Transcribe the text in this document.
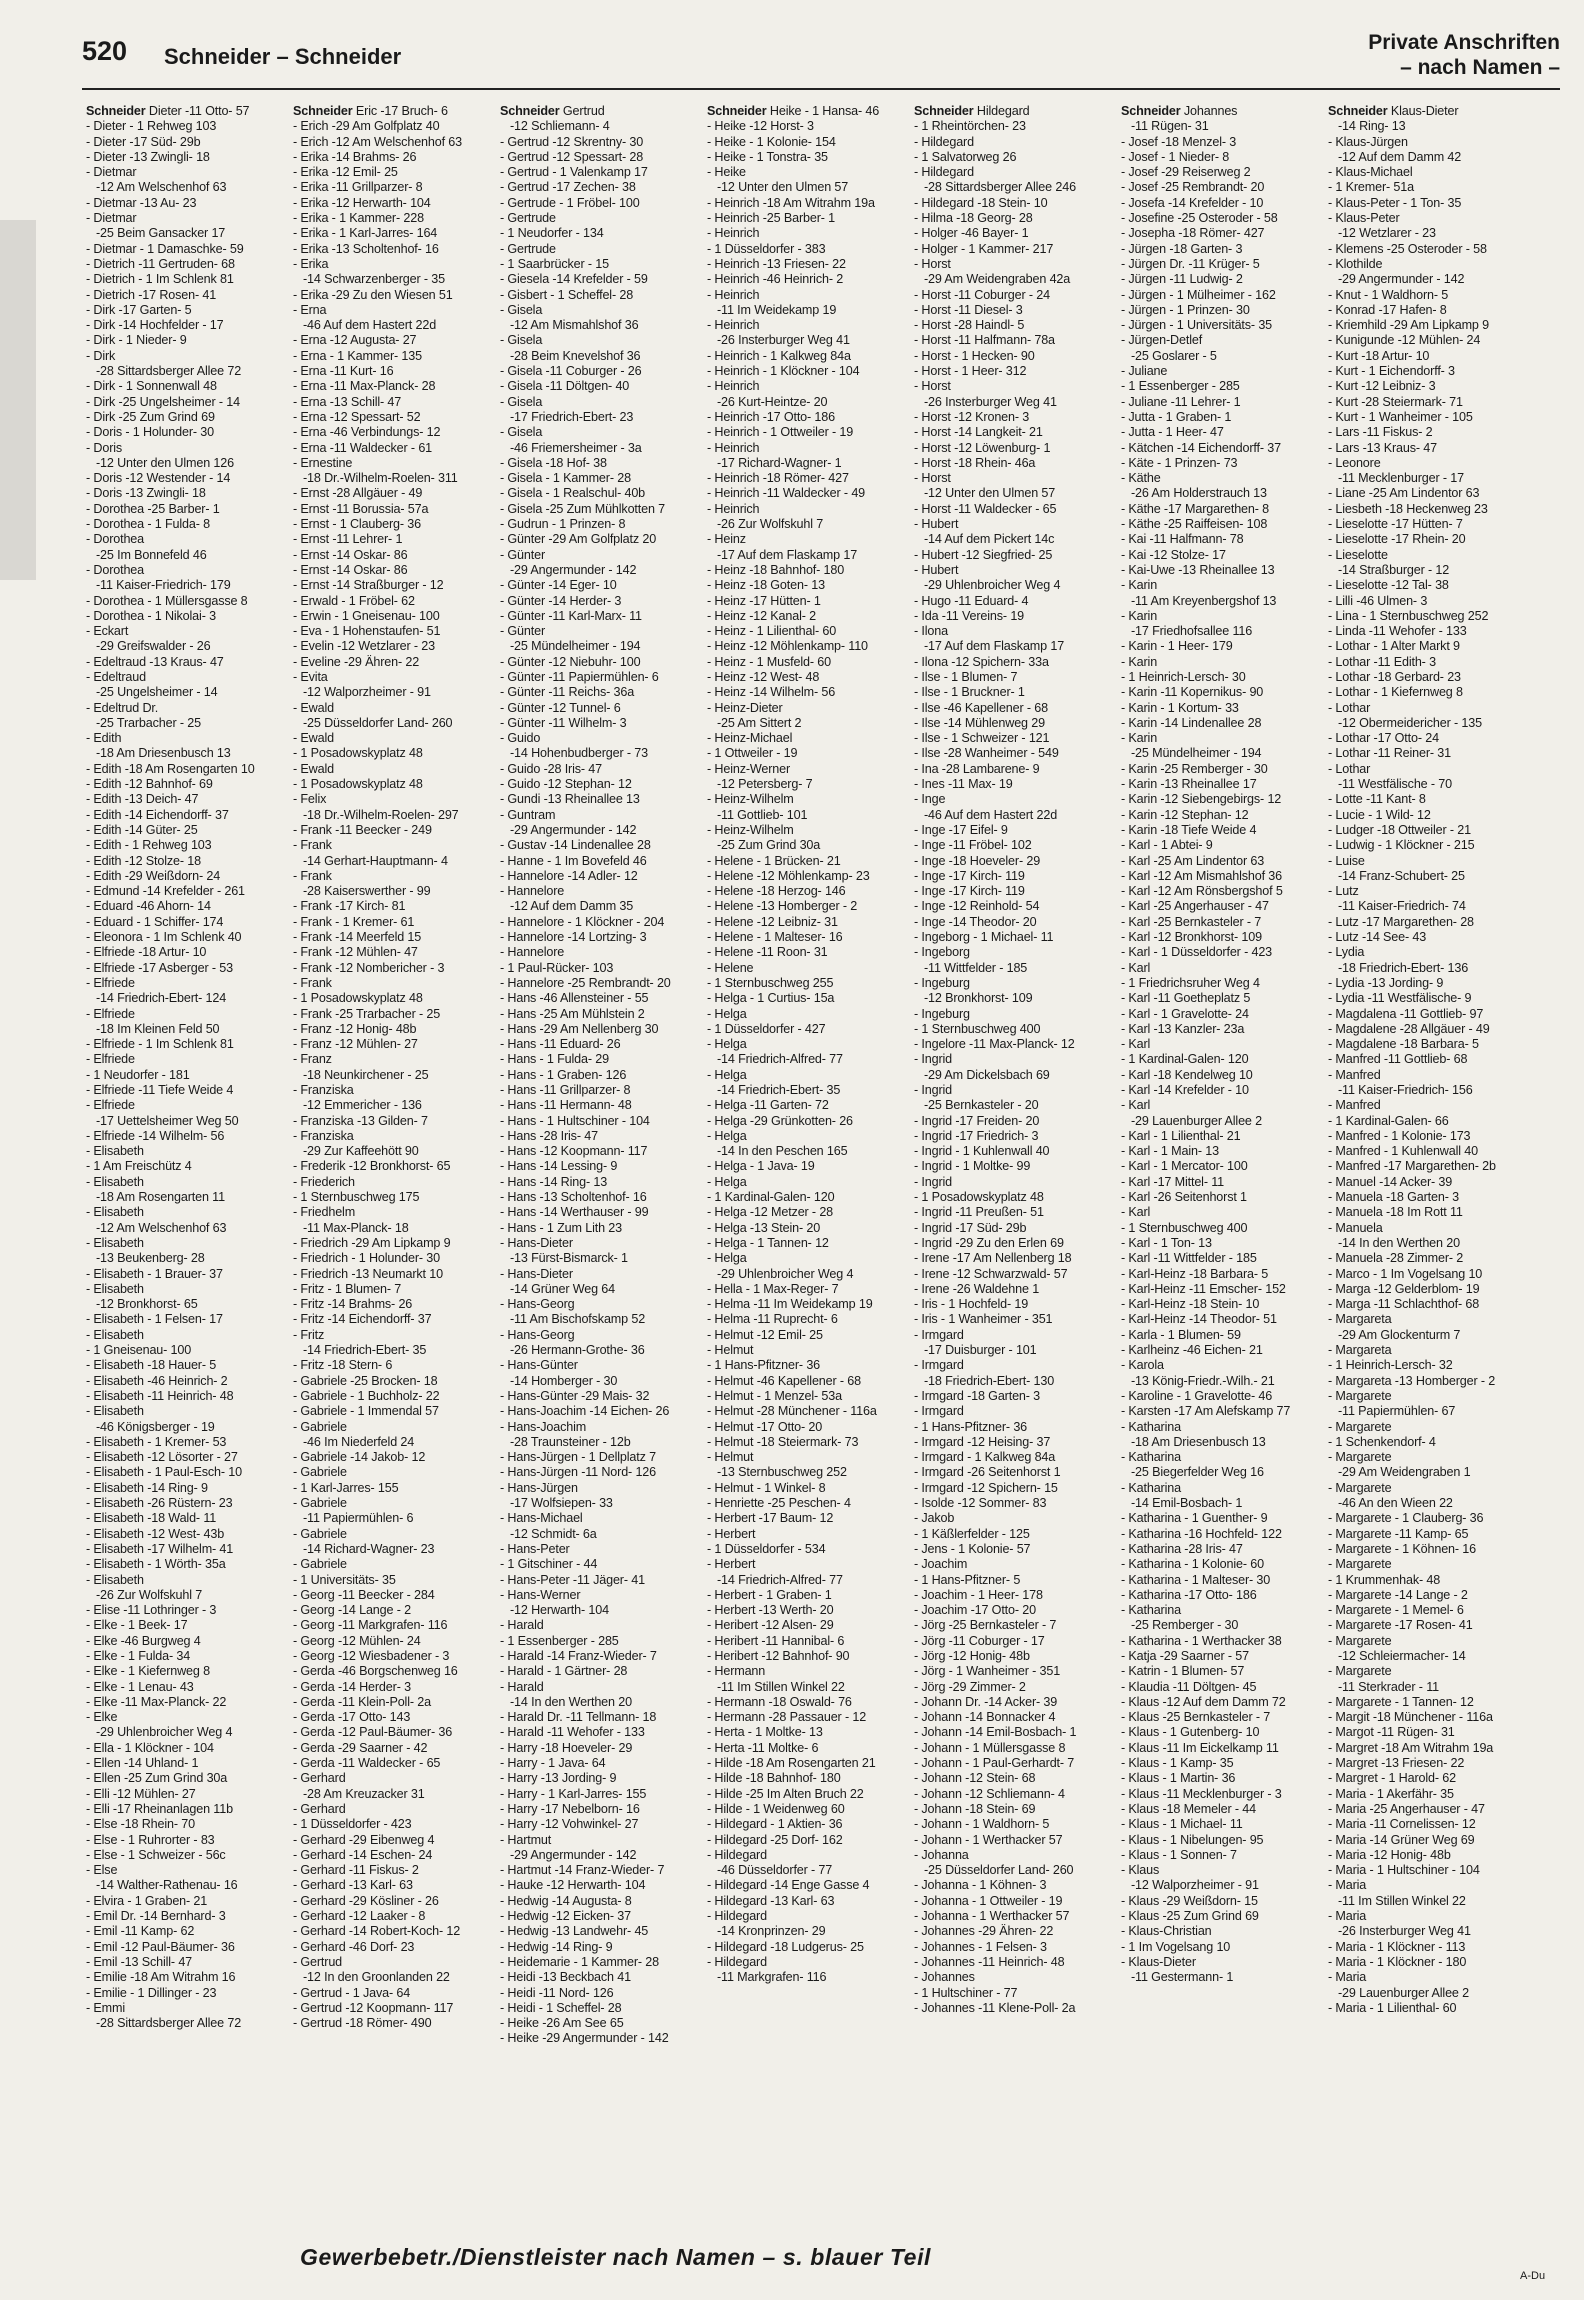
520 Schneider – Schneider
Private Anschriften
– nach Namen –
Schneider Dieter -11 Otto- 57
- Dieter - 1 Rehweg 103
- Dieter -17 Süd- 29b
- Dieter -13 Zwingli- 18
- Dietmar
-12 Am Welschenhof 63
- Dietmar -13 Au- 23
- Dietmar
-25 Beim Gansacker 17
- Dietmar - 1 Damaschke- 59
- Dietrich -11 Gertruden- 68
- Dietrich - 1 Im Schlenk 81
- Dietrich -17 Rosen- 41
- Dirk -17 Garten- 5
- Dirk -14 Hochfelder - 17
- Dirk - 1 Nieder- 9
- Dirk
-28 Sittardsberger Allee 72
- Dirk - 1 Sonnenwall 48
- Dirk -25 Ungelsheimer - 14
- Dirk -25 Zum Grind 69
- Doris - 1 Holunder- 30
- Doris
-12 Unter den Ulmen 126
- Doris -12 Westender - 14
- Doris -13 Zwingli- 18
- Dorothea -25 Barber- 1
- Dorothea - 1 Fulda- 8
- Dorothea
-25 Im Bonnefeld 46
- Dorothea
-11 Kaiser-Friedrich- 179
- Dorothea - 1 Müllersgasse 8
- Dorothea - 1 Nikolai- 3
- Eckart
-29 Greifswalder - 26
- Edeltraud -13 Kraus- 47
- Edeltraud
-25 Ungelsheimer - 14
- Edeltrud Dr.
-25 Trarbacher - 25
- Edith
-18 Am Driesenbusch 13
- Edith -18 Am Rosengarten 10
- Edith -12 Bahnhof- 69
- Edith -13 Deich- 47
- Edith -14 Eichendorff- 37
- Edith -14 Güter- 25
- Edith - 1 Rehweg 103
- Edith -12 Stolze- 18
- Edith -29 Weißdorn- 24
- Edmund -14 Krefelder - 261
- Eduard -46 Ahorn- 14
- Eduard - 1 Schiffer- 174
- Eleonora - 1 Im Schlenk 40
- Elfriede -18 Artur- 10
- Elfriede -17 Asberger - 53
- Elfriede
-14 Friedrich-Ebert- 124
- Elfriede
-18 Im Kleinen Feld 50
- Elfriede - 1 Im Schlenk 81
- Elfriede
- 1 Neudorfer - 181
- Elfriede -11 Tiefe Weide 4
- Elfriede
-17 Uettelsheimer Weg 50
- Elfriede -14 Wilhelm- 56
- Elisabeth
- 1 Am Freischütz 4
- Elisabeth
-18 Am Rosengarten 11
- Elisabeth
-12 Am Welschenhof 63
- Elisabeth
-13 Beukenberg- 28
- Elisabeth - 1 Brauer- 37
- Elisabeth
-12 Bronkhorst- 65
- Elisabeth - 1 Felsen- 17
- Elisabeth
- 1 Gneisenau- 100
- Elisabeth -18 Hauer- 5
- Elisabeth -46 Heinrich- 2
- Elisabeth -11 Heinrich- 48
- Elisabeth
-46 Königsberger - 19
- Elisabeth - 1 Kremer- 53
- Elisabeth -12 Lösorter - 27
- Elisabeth - 1 Paul-Esch- 10
- Elisabeth -14 Ring- 9
- Elisabeth -26 Rüstern- 23
- Elisabeth -18 Wald- 11
- Elisabeth -12 West- 43b
- Elisabeth -17 Wilhelm- 41
- Elisabeth - 1 Wörth- 35a
- Elisabeth
-26 Zur Wolfskuhl 7
- Elise -11 Lothringer - 3
- Elke - 1 Beek- 17
- Elke -46 Burgweg 4
- Elke - 1 Fulda- 34
- Elke - 1 Kiefernweg 8
- Elke - 1 Lenau- 43
- Elke -11 Max-Planck- 22
- Elke
-29 Uhlenbroicher Weg 4
- Ella - 1 Klöckner - 104
- Ellen -14 Uhland- 1
- Ellen -25 Zum Grind 30a
- Elli -12 Mühlen- 27
- Elli -17 Rheinanlagen 11b
- Else -18 Rhein- 70
- Else - 1 Ruhrorter - 83
- Else - 1 Schweizer - 56c
- Else
-14 Walther-Rathenau- 16
- Elvira - 1 Graben- 21
- Emil Dr. -14 Bernhard- 3
- Emil -11 Kamp- 62
- Emil -12 Paul-Bäumer- 36
- Emil -13 Schill- 47
- Emilie -18 Am Witrahm 16
- Emilie - 1 Dillinger - 23
- Emmi
-28 Sittardsberger Allee 72
Schneider Eric -17 Bruch- 6
- Erich -29 Am Golfplatz 40
- Erich -12 Am Welschenhof 63
- Erika -14 Brahms- 26
- Erika -12 Emil- 25
- Erika -11 Grillparzer- 8
- Erika -12 Herwarth- 104
- Erika - 1 Kammer- 228
- Erika - 1 Karl-Jarres- 164
- Erika -13 Scholtenhof- 16
- Erika
-14 Schwarzenberger - 35
- Erika -29 Zu den Wiesen 51
- Erna
-46 Auf dem Hastert 22d
- Erna -12 Augusta- 27
- Erna - 1 Kammer- 135
- Erna -11 Kurt- 16
- Erna -11 Max-Planck- 28
- Erna -13 Schill- 47
- Erna -12 Spessart- 52
- Erna -46 Verbindungs- 12
- Erna -11 Waldecker - 61
- Ernestine
-18 Dr.-Wilhelm-Roelen- 311
- Ernst -28 Allgäuer - 49
- Ernst -11 Borussia- 57a
- Ernst - 1 Clauberg- 36
- Ernst -11 Lehrer- 1
- Ernst -14 Oskar- 86
- Ernst -14 Oskar- 86
- Ernst -14 Straßburger - 12
- Erwald - 1 Fröbel- 62
- Erwin - 1 Gneisenau- 100
- Eva - 1 Hohenstaufen- 51
- Evelin -12 Wetzlarer - 23
- Eveline -29 Ähren- 22
- Evita
-12 Walporzheimer - 91
- Ewald
-25 Düsseldorfer Land- 260
- Ewald
- 1 Posadowskyplatz 48
- Ewald
- 1 Posadowskyplatz 48
- Felix
-18 Dr.-Wilhelm-Roelen- 297
- Frank -11 Beecker - 249
- Frank
-14 Gerhart-Hauptmann- 4
- Frank
-28 Kaiserswerther - 99
- Frank -17 Kirch- 81
- Frank - 1 Kremer- 61
- Frank -14 Meerfeld 15
- Frank -12 Mühlen- 47
- Frank -12 Nombericher - 3
- Frank
- 1 Posadowskyplatz 48
- Frank -25 Trarbacher - 25
- Franz -12 Honig- 48b
- Franz -12 Mühlen- 27
- Franz
-18 Neunkirchener - 25
- Franziska
-12 Emmericher - 136
- Franziska -13 Gilden- 7
- Franziska
-29 Zur Kaffeehött 90
- Frederik -12 Bronkhorst- 65
- Friederich
- 1 Sternbuschweg 175
- Friedhelm
-11 Max-Planck- 18
- Friedrich -29 Am Lipkamp 9
- Friedrich - 1 Holunder- 30
- Friedrich -13 Neumarkt 10
- Fritz - 1 Blumen- 7
- Fritz -14 Brahms- 26
- Fritz -14 Eichendorff- 37
- Fritz
-14 Friedrich-Ebert- 35
- Fritz -18 Stern- 6
- Gabriele -25 Brocken- 18
- Gabriele - 1 Buchholz- 22
- Gabriele - 1 Immendal 57
- Gabriele
-46 Im Niederfeld 24
- Gabriele -14 Jakob- 12
- Gabriele
- 1 Karl-Jarres- 155
- Gabriele
-11 Papiermühlen- 6
- Gabriele
-14 Richard-Wagner- 23
- Gabriele
- 1 Universitäts- 35
- Georg -11 Beecker - 284
- Georg -14 Lange - 2
- Georg -11 Markgrafen- 116
- Georg -12 Mühlen- 24
- Georg -12 Wiesbadener - 3
- Gerda -46 Borgschenweg 16
- Gerda -14 Herder- 3
- Gerda -11 Klein-Poll- 2a
- Gerda -17 Otto- 143
- Gerda -12 Paul-Bäumer- 36
- Gerda -29 Saarner - 42
- Gerda -11 Waldecker - 65
- Gerhard
-28 Am Kreuzacker 31
- Gerhard
- 1 Düsseldorfer - 423
- Gerhard -29 Eibenweg 4
- Gerhard -14 Eschen- 24
- Gerhard -11 Fiskus- 2
- Gerhard -13 Karl- 63
- Gerhard -29 Kösliner - 26
- Gerhard -12 Laaker - 8
- Gerhard -14 Robert-Koch- 12
- Gerhard -46 Dorf- 23
- Gertrud
-12 In den Groonlanden 22
- Gertrud - 1 Java- 64
- Gertrud -12 Koopmann- 117
- Gertrud -18 Römer- 490
Schneider Gertrud
-12 Schliemann- 4
- Gertrud -12 Skrentny- 30
- Gertrud -12 Spessart- 28
- Gertrud - 1 Valenkamp 17
- Gertrud -17 Zechen- 38
- Gertrude - 1 Fröbel- 100
- Gertrude
- 1 Neudorfer - 134
- Gertrude
- 1 Saarbrücker - 15
- Giesela -14 Krefelder - 59
- Gisbert - 1 Scheffel- 28
- Gisela
-12 Am Mismahlshof 36
- Gisela
-28 Beim Knevelshof 36
- Gisela -11 Coburger - 26
- Gisela -11 Döltgen- 40
- Gisela
-17 Friedrich-Ebert- 23
- Gisela
-46 Friemersheimer - 3a
- Gisela -18 Hof- 38
- Gisela - 1 Kammer- 28
- Gisela - 1 Realschul- 40b
- Gisela -25 Zum Mühlkotten 7
- Gudrun - 1 Prinzen- 8
- Günter -29 Am Golfplatz 20
- Günter
-29 Angermunder - 142
- Günter -14 Eger- 10
- Günter -14 Herder- 3
- Günter -11 Karl-Marx- 11
- Günter
-25 Mündelheimer - 194
- Günter -12 Niebuhr- 100
- Günter -11 Papiermühlen- 6
- Günter -11 Reichs- 36a
- Günter -12 Tunnel- 6
- Günter -11 Wilhelm- 3
- Guido
-14 Hohenbudberger - 73
- Guido -28 Iris- 47
- Guido -12 Stephan- 12
- Gundi -13 Rheinallee 13
- Guntram
-29 Angermunder - 142
- Gustav -14 Lindenallee 28
- Hanne - 1 Im Bovefeld 46
- Hannelore -14 Adler- 12
- Hannelore
-12 Auf dem Damm 35
- Hannelore - 1 Klöckner - 204
- Hannelore -14 Lortzing- 3
- Hannelore
- 1 Paul-Rücker- 103
- Hannelore -25 Rembrandt- 20
- Hans -46 Allensteiner - 55
- Hans -25 Am Mühlstein 2
- Hans -29 Am Nellenberg 30
- Hans -11 Eduard- 26
- Hans - 1 Fulda- 29
- Hans - 1 Graben- 126
- Hans -11 Grillparzer- 8
- Hans -11 Hermann- 48
- Hans - 1 Hultschiner - 104
- Hans -28 Iris- 47
- Hans -12 Koopmann- 117
- Hans -14 Lessing- 9
- Hans -14 Ring- 13
- Hans -13 Scholtenhof- 16
- Hans -14 Werthauser - 99
- Hans - 1 Zum Lith 23
- Hans-Dieter
-13 Fürst-Bismarck- 1
- Hans-Dieter
-14 Grüner Weg 64
- Hans-Georg
-11 Am Bischofskamp 52
- Hans-Georg
-26 Hermann-Grothe- 36
- Hans-Günter
-14 Homberger - 30
- Hans-Günter -29 Mais- 32
- Hans-Joachim -14 Eichen- 26
- Hans-Joachim
-28 Traunsteiner - 12b
- Hans-Jürgen - 1 Dellplatz 7
- Hans-Jürgen -11 Nord- 126
- Hans-Jürgen
-17 Wolfsiepen- 33
- Hans-Michael
-12 Schmidt- 6a
- Hans-Peter
- 1 Gitschiner - 44
- Hans-Peter -11 Jäger- 41
- Hans-Werner
-12 Herwarth- 104
- Harald
- 1 Essenberger - 285
- Harald -14 Franz-Wieder- 7
- Harald - 1 Gärtner- 28
- Harald
-14 In den Werthen 20
- Harald Dr. -11 Tellmann- 18
- Harald -11 Wehofer - 133
- Harry -18 Hoeveler- 29
- Harry - 1 Java- 64
- Harry -13 Jording- 9
- Harry - 1 Karl-Jarres- 155
- Harry -17 Nebelborn- 16
- Harry -12 Vohwinkel- 27
- Hartmut
-29 Angermunder - 142
- Hartmut -14 Franz-Wieder- 7
- Hauke -12 Herwarth- 104
- Hedwig -14 Augusta- 8
- Hedwig -12 Eicken- 37
- Hedwig -13 Landwehr- 45
- Hedwig -14 Ring- 9
- Heidemarie - 1 Kammer- 28
- Heidi -13 Beckbach 41
- Heidi -11 Nord- 126
- Heidi - 1 Scheffel- 28
- Heike -26 Am See 65
- Heike -29 Angermunder - 142
Schneider Heike - 1 Hansa- 46
- Heike -12 Horst- 3
- Heike - 1 Kolonie- 154
- Heike - 1 Tonstra- 35
- Heike
-12 Unter den Ulmen 57
- Heinrich -18 Am Witrahm 19a
- Heinrich -25 Barber- 1
- Heinrich
- 1 Düsseldorfer - 383
- Heinrich -13 Friesen- 22
- Heinrich -46 Heinrich- 2
- Heinrich
-11 Im Weidekamp 19
- Heinrich
-26 Insterburger Weg 41
- Heinrich - 1 Kalkweg 84a
- Heinrich - 1 Klöckner - 104
- Heinrich
-26 Kurt-Heintze- 20
- Heinrich -17 Otto- 186
- Heinrich - 1 Ottweiler - 19
- Heinrich
-17 Richard-Wagner- 1
- Heinrich -18 Römer- 427
- Heinrich -11 Waldecker - 49
- Heinrich
-26 Zur Wolfskuhl 7
- Heinz
-17 Auf dem Flaskamp 17
- Heinz -18 Bahnhof- 180
- Heinz -18 Goten- 13
- Heinz -17 Hütten- 1
- Heinz -12 Kanal- 2
- Heinz - 1 Lilienthal- 60
- Heinz -12 Möhlenkamp- 110
- Heinz - 1 Musfeld- 60
- Heinz -12 West- 48
- Heinz -14 Wilhelm- 56
- Heinz-Dieter
-25 Am Sittert 2
- Heinz-Michael
- 1 Ottweiler - 19
- Heinz-Werner
-12 Petersberg- 7
- Heinz-Wilhelm
-11 Gottlieb- 101
- Heinz-Wilhelm
-25 Zum Grind 30a
- Helene - 1 Brücken- 21
- Helene -12 Möhlenkamp- 23
- Helene -18 Herzog- 146
- Helene -13 Homberger - 2
- Helene -12 Leibniz- 31
- Helene - 1 Malteser- 16
- Helene -11 Roon- 31
- Helene
- 1 Sternbuschweg 255
- Helga - 1 Curtius- 15a
- Helga
- 1 Düsseldorfer - 427
- Helga
-14 Friedrich-Alfred- 77
- Helga
-14 Friedrich-Ebert- 35
- Helga -11 Garten- 72
- Helga -29 Grünkotten- 26
- Helga
-14 In den Peschen 165
- Helga - 1 Java- 19
- Helga
- 1 Kardinal-Galen- 120
- Helga -12 Metzer - 28
- Helga -13 Stein- 20
- Helga - 1 Tannen- 12
- Helga
-29 Uhlenbroicher Weg 4
- Hella - 1 Max-Reger- 7
- Helma -11 Im Weidekamp 19
- Helma -11 Ruprecht- 6
- Helmut -12 Emil- 25
- Helmut
- 1 Hans-Pfitzner- 36
- Helmut -46 Kapellener - 68
- Helmut - 1 Menzel- 53a
- Helmut -28 Münchener - 116a
- Helmut -17 Otto- 20
- Helmut -18 Steiermark- 73
- Helmut
-13 Sternbuschweg 252
- Helmut - 1 Winkel- 8
- Henriette -25 Peschen- 4
- Herbert -17 Baum- 12
- Herbert
- 1 Düsseldorfer - 534
- Herbert
-14 Friedrich-Alfred- 77
- Herbert - 1 Graben- 1
- Herbert -13 Werth- 20
- Heribert -12 Alsen- 29
- Heribert -11 Hannibal- 6
- Heribert -12 Bahnhof- 90
- Hermann
-11 Im Stillen Winkel 22
- Hermann -18 Oswald- 76
- Hermann -28 Passauer - 12
- Herta - 1 Moltke- 13
- Herta -11 Moltke- 6
- Hilde -18 Am Rosengarten 21
- Hilde -18 Bahnhof- 180
- Hilde -25 Im Alten Bruch 22
- Hilde - 1 Weidenweg 60
- Hildegard - 1 Aktien- 36
- Hildegard -25 Dorf- 162
- Hildegard
-46 Düsseldorfer - 77
- Hildegard -14 Enge Gasse 4
- Hildegard -13 Karl- 63
- Hildegard
-14 Kronprinzen- 29
- Hildegard -18 Ludgerus- 25
- Hildegard
-11 Markgrafen- 116
Schneider Hildegard
- 1 Rheintörchen- 23
- Hildegard
- 1 Salvatorweg 26
- Hildegard
-28 Sittardsberger Allee 246
- Hildegard -18 Stein- 10
- Hilma -18 Georg- 28
- Holger -46 Bayer- 1
- Holger - 1 Kammer- 217
- Horst
-29 Am Weidengraben 42a
- Horst -11 Coburger - 24
- Horst -11 Diesel- 3
- Horst -28 Haindl- 5
- Horst -11 Halfmann- 78a
- Horst - 1 Hecken- 90
- Horst - 1 Heer- 312
- Horst
-26 Insterburger Weg 41
- Horst -12 Kronen- 3
- Horst -14 Langkeit- 21
- Horst -12 Löwenburg- 1
- Horst -18 Rhein- 46a
- Horst
-12 Unter den Ulmen 57
- Horst -11 Waldecker - 65
- Hubert
-14 Auf dem Pickert 14c
- Hubert -12 Siegfried- 25
- Hubert
-29 Uhlenbroicher Weg 4
- Hugo -11 Eduard- 4
- Ida -11 Vereins- 19
- Ilona
-17 Auf dem Flaskamp 17
- Ilona -12 Spichern- 33a
- Ilse - 1 Blumen- 7
- Ilse - 1 Bruckner- 1
- Ilse -46 Kapellener - 68
- Ilse -14 Mühlenweg 29
- Ilse - 1 Schweizer - 121
- Ilse -28 Wanheimer - 549
- Ina -28 Lambarene- 9
- Ines -11 Max- 19
- Inge
-46 Auf dem Hastert 22d
- Inge -17 Eifel- 9
- Inge -11 Fröbel- 102
- Inge -18 Hoeveler- 29
- Inge -17 Kirch- 119
- Inge -17 Kirch- 119
- Inge -12 Reinhold- 54
- Inge -14 Theodor- 20
- Ingeborg - 1 Michael- 11
- Ingeborg
-11 Wittfelder - 185
- Ingeburg
-12 Bronkhorst- 109
- Ingeburg
- 1 Sternbuschweg 400
- Ingelore -11 Max-Planck- 12
- Ingrid
-29 Am Dickelsbach 69
- Ingrid
-25 Bernkasteler - 20
- Ingrid -17 Freiden- 20
- Ingrid -17 Friedrich- 3
- Ingrid - 1 Kuhlenwall 40
- Ingrid - 1 Moltke- 99
- Ingrid
- 1 Posadowskyplatz 48
- Ingrid -11 Preußen- 51
- Ingrid -17 Süd- 29b
- Ingrid -29 Zu den Erlen 69
- Irene -17 Am Nellenberg 18
- Irene -12 Schwarzwald- 57
- Irene -26 Waldehne 1
- Iris - 1 Hochfeld- 19
- Iris - 1 Wanheimer - 351
- Irmgard
-17 Duisburger - 101
- Irmgard
-18 Friedrich-Ebert- 130
- Irmgard -18 Garten- 3
- Irmgard
- 1 Hans-Pfitzner- 36
- Irmgard -12 Heising- 37
- Irmgard - 1 Kalkweg 84a
- Irmgard -26 Seitenhorst 1
- Irmgard -12 Spichern- 15
- Isolde -12 Sommer- 83
- Jakob
- 1 Käßlerfelder - 125
- Jens - 1 Kolonie- 57
- Joachim
- 1 Hans-Pfitzner- 5
- Joachim - 1 Heer- 178
- Joachim -17 Otto- 20
- Jörg -25 Bernkasteler - 7
- Jörg -11 Coburger - 17
- Jörg -12 Honig- 48b
- Jörg - 1 Wanheimer - 351
- Jörg -29 Zimmer- 2
- Johann Dr. -14 Acker- 39
- Johann -14 Bonnacker 4
- Johann -14 Emil-Bosbach- 1
- Johann - 1 Müllersgasse 8
- Johann - 1 Paul-Gerhardt- 7
- Johann -12 Stein- 68
- Johann -12 Schliemann- 4
- Johann -18 Stein- 69
- Johann - 1 Waldhorn- 5
- Johann - 1 Werthacker 57
- Johanna
-25 Düsseldorfer Land- 260
- Johanna - 1 Köhnen- 3
- Johanna - 1 Ottweiler - 19
- Johanna - 1 Werthacker 57
- Johannes -29 Ähren- 22
- Johannes - 1 Felsen- 3
- Johannes -11 Heinrich- 48
- Johannes
- 1 Hultschiner - 77
- Johannes -11 Klene-Poll- 2a
Schneider Johannes
-11 Rügen- 31
- Josef -18 Menzel- 3
- Josef - 1 Nieder- 8
- Josef -29 Reiserweg 2
- Josef -25 Rembrandt- 20
- Josefa -14 Krefelder - 10
- Josefine -25 Osteroder - 58
- Josepha -18 Römer- 427
- Jürgen -18 Garten- 3
- Jürgen Dr. -11 Krüger- 5
- Jürgen -11 Ludwig- 2
- Jürgen - 1 Mülheimer - 162
- Jürgen - 1 Prinzen- 30
- Jürgen - 1 Universitäts- 35
- Jürgen-Detlef
-25 Goslarer - 5
- Juliane
- 1 Essenberger - 285
- Juliane -11 Lehrer- 1
- Jutta - 1 Graben- 1
- Jutta - 1 Heer- 47
- Kätchen -14 Eichendorff- 37
- Käte - 1 Prinzen- 73
- Käthe
-26 Am Holderstrauch 13
- Käthe -17 Margarethen- 8
- Käthe -25 Raiffeisen- 108
- Kai -11 Halfmann- 78
- Kai -12 Stolze- 17
- Kai-Uwe -13 Rheinallee 13
- Karin
-11 Am Kreyenbergshof 13
- Karin
-17 Friedhofsallee 116
- Karin - 1 Heer- 179
- Karin
- 1 Heinrich-Lersch- 30
- Karin -11 Kopernikus- 90
- Karin - 1 Kortum- 33
- Karin -14 Lindenallee 28
- Karin
-25 Mündelheimer - 194
- Karin -25 Remberger - 30
- Karin -13 Rheinallee 17
- Karin -12 Siebengebirgs- 12
- Karin -12 Stephan- 12
- Karin -18 Tiefe Weide 4
- Karl - 1 Abtei- 9
- Karl -25 Am Lindentor 63
- Karl -12 Am Mismahlshof 36
- Karl -12 Am Rönsbergshof 5
- Karl -25 Angerhauser - 47
- Karl -25 Bernkasteler - 7
- Karl -12 Bronkhorst- 109
- Karl - 1 Düsseldorfer - 423
- Karl
- 1 Friedrichsruher Weg 4
- Karl -11 Goetheplatz 5
- Karl - 1 Gravelotte- 24
- Karl -13 Kanzler- 23a
- Karl
- 1 Kardinal-Galen- 120
- Karl -18 Kendelweg 10
- Karl -14 Krefelder - 10
- Karl
-29 Lauenburger Allee 2
- Karl - 1 Lilienthal- 21
- Karl - 1 Main- 13
- Karl - 1 Mercator- 100
- Karl -17 Mittel- 11
- Karl -26 Seitenhorst 1
- Karl
- 1 Sternbuschweg 400
- Karl - 1 Ton- 13
- Karl -11 Wittfelder - 185
- Karl-Heinz -18 Barbara- 5
- Karl-Heinz -11 Emscher- 152
- Karl-Heinz -18 Stein- 10
- Karl-Heinz -14 Theodor- 51
- Karla - 1 Blumen- 59
- Karlheinz -46 Eichen- 21
- Karola
-13 König-Friedr.-Wilh.- 21
- Karoline - 1 Gravelotte- 46
- Karsten -17 Am Alefskamp 77
- Katharina
-18 Am Driesenbusch 13
- Katharina
-25 Biegerfelder Weg 16
- Katharina
-14 Emil-Bosbach- 1
- Katharina - 1 Guenther- 9
- Katharina -16 Hochfeld- 122
- Katharina -28 Iris- 47
- Katharina - 1 Kolonie- 60
- Katharina - 1 Malteser- 30
- Katharina -17 Otto- 186
- Katharina
-25 Remberger - 30
- Katharina - 1 Werthacker 38
- Katja -29 Saarner - 57
- Katrin - 1 Blumen- 57
- Klaudia -11 Döltgen- 45
- Klaus -12 Auf dem Damm 72
- Klaus -25 Bernkasteler - 7
- Klaus - 1 Gutenberg- 10
- Klaus -11 Im Eickelkamp 11
- Klaus - 1 Kamp- 35
- Klaus - 1 Martin- 36
- Klaus -11 Mecklenburger - 3
- Klaus -18 Memeler - 44
- Klaus - 1 Michael- 11
- Klaus - 1 Nibelungen- 95
- Klaus - 1 Sonnen- 7
- Klaus
-12 Walporzheimer - 91
- Klaus -29 Weißdorn- 15
- Klaus -25 Zum Grind 69
- Klaus-Christian
- 1 Im Vogelsang 10
- Klaus-Dieter
-11 Gestermann- 1
Schneider Klaus-Dieter
-14 Ring- 13
- Klaus-Jürgen
-12 Auf dem Damm 42
- Klaus-Michael
- 1 Kremer- 51a
- Klaus-Peter - 1 Ton- 35
- Klaus-Peter
-12 Wetzlarer - 23
- Klemens -25 Osteroder - 58
- Klothilde
-29 Angermunder - 142
- Knut - 1 Waldhorn- 5
- Konrad -17 Hafen- 8
- Kriemhild -29 Am Lipkamp 9
- Kunigunde -12 Mühlen- 24
- Kurt -18 Artur- 10
- Kurt - 1 Eichendorff- 3
- Kurt -12 Leibniz- 3
- Kurt -28 Steiermark- 71
- Kurt - 1 Wanheimer - 105
- Lars -11 Fiskus- 2
- Lars -13 Kraus- 47
- Leonore
-11 Mecklenburger - 17
- Liane -25 Am Lindentor 63
- Liesbeth -18 Heckenweg 23
- Lieselotte -17 Hütten- 7
- Lieselotte -17 Rhein- 20
- Lieselotte
-14 Straßburger - 12
- Lieselotte -12 Tal- 38
- Lilli -46 Ulmen- 3
- Lina - 1 Sternbuschweg 252
- Linda -11 Wehofer - 133
- Lothar - 1 Alter Markt 9
- Lothar -11 Edith- 3
- Lothar -18 Gerbard- 23
- Lothar - 1 Kiefernweg 8
- Lothar
-12 Obermeidericher - 135
- Lothar -17 Otto- 24
- Lothar -11 Reiner- 31
- Lothar
-11 Westfälische - 70
- Lotte -11 Kant- 8
- Lucie - 1 Wild- 12
- Ludger -18 Ottweiler - 21
- Ludwig - 1 Klöckner - 215
- Luise
-14 Franz-Schubert- 25
- Lutz
-11 Kaiser-Friedrich- 74
- Lutz -17 Margarethen- 28
- Lutz -14 See- 43
- Lydia
-18 Friedrich-Ebert- 136
- Lydia -13 Jording- 9
- Lydia -11 Westfälische- 9
- Magdalena -11 Gottlieb- 97
- Magdalene -28 Allgäuer - 49
- Magdalene -18 Barbara- 5
- Manfred -11 Gottlieb- 68
- Manfred
-11 Kaiser-Friedrich- 156
- Manfred
- 1 Kardinal-Galen- 66
- Manfred - 1 Kolonie- 173
- Manfred - 1 Kuhlenwall 40
- Manfred -17 Margarethen- 2b
- Manuel -14 Acker- 39
- Manuela -18 Garten- 3
- Manuela -18 Im Rott 11
- Manuela
-14 In den Werthen 20
- Manuela -28 Zimmer- 2
- Marco - 1 Im Vogelsang 10
- Marga -12 Gelderblom- 19
- Marga -11 Schlachthof- 68
- Margareta
-29 Am Glockenturm 7
- Margareta
- 1 Heinrich-Lersch- 32
- Margareta -13 Homberger - 2
- Margarete
-11 Papiermühlen- 67
- Margarete
- 1 Schenkendorf- 4
- Margarete
-29 Am Weidengraben 1
- Margarete
-46 An den Wieen 22
- Margarete - 1 Clauberg- 36
- Margarete -11 Kamp- 65
- Margarete - 1 Köhnen- 16
- Margarete
- 1 Krummenhak- 48
- Margarete -14 Lange - 2
- Margarete - 1 Memel- 6
- Margarete -17 Rosen- 41
- Margarete
-12 Schleiermacher- 14
- Margarete
-11 Sterkrader - 11
- Margarete - 1 Tannen- 12
- Margit -18 Münchener - 116a
- Margot -11 Rügen- 31
- Margret -18 Am Witrahm 19a
- Margret -13 Friesen- 22
- Margret - 1 Harold- 62
- Maria - 1 Akerfähr- 35
- Maria -25 Angerhauser - 47
- Maria -11 Cornelissen- 12
- Maria -14 Grüner Weg 69
- Maria -12 Honig- 48b
- Maria - 1 Hultschiner - 104
- Maria
-11 Im Stillen Winkel 22
- Maria
-26 Insterburger Weg 41
- Maria - 1 Klöckner - 113
- Maria - 1 Klöckner - 180
- Maria
-29 Lauenburger Allee 2
- Maria - 1 Lilienthal- 60
Gewerbebetr./Dienstleister nach Namen – s. blauer Teil
A-Du
